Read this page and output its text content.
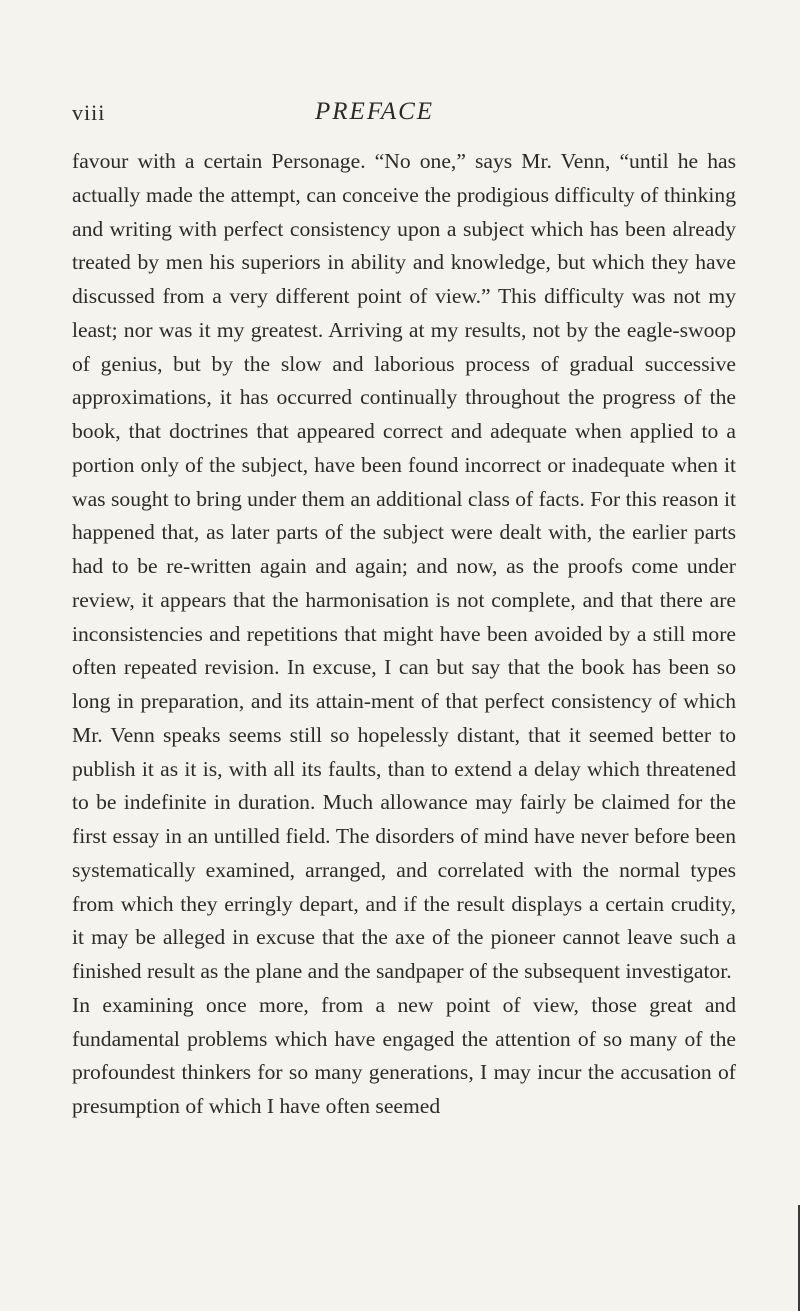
viii	PREFACE

favour with a certain Personage. “No one,” says Mr. Venn, “until he has actually made the attempt, can conceive the prodigious difficulty of thinking and writing with perfect consistency upon a subject which has been already treated by men his superiors in ability and knowledge, but which they have discussed from a very different point of view.” This difficulty was not my least; nor was it my greatest. Arriving at my results, not by the eagle-swoop of genius, but by the slow and laborious process of gradual successive approximations, it has occurred continually throughout the progress of the book, that doctrines that appeared correct and adequate when applied to a portion only of the subject, have been found incorrect or inadequate when it was sought to bring under them an additional class of facts. For this reason it happened that, as later parts of the subject were dealt with, the earlier parts had to be re-written again and again; and now, as the proofs come under review, it appears that the harmonisation is not complete, and that there are inconsistencies and repetitions that might have been avoided by a still more often repeated revision. In excuse, I can but say that the book has been so long in preparation, and its attain-ment of that perfect consistency of which Mr. Venn speaks seems still so hopelessly distant, that it seemed better to publish it as it is, with all its faults, than to extend a delay which threatened to be indefinite in duration. Much allowance may fairly be claimed for the first essay in an untilled field. The disorders of mind have never before been systematically examined, arranged, and correlated with the normal types from which they erringly depart, and if the result displays a certain crudity, it may be alleged in excuse that the axe of the pioneer cannot leave such a finished result as the plane and the sandpaper of the subsequent investigator.

In examining once more, from a new point of view, those great and fundamental problems which have engaged the attention of so many of the profoundest thinkers for so many generations, I may incur the accusation of presumption of which I have often seemed
